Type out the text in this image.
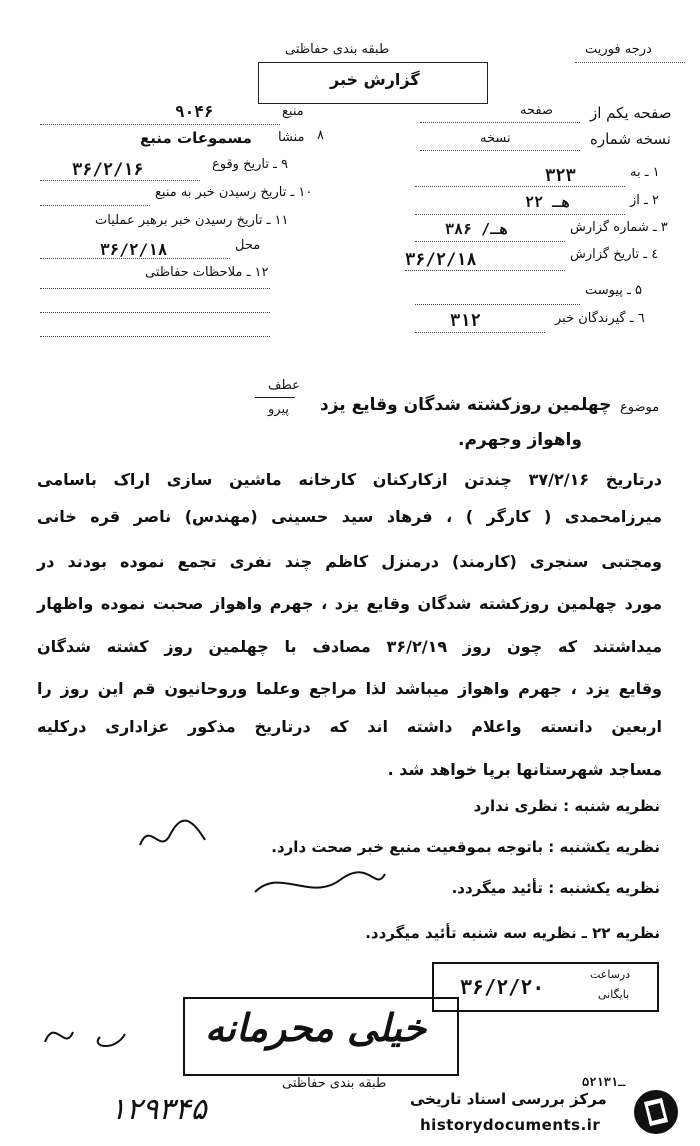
طبقه بندی حفاظتی	درجه فوریت
گزارش خبر
صفحه یکم از
صفحه
نسخه شماره
نسخه
منبع
۹۰۴۶
منشا ۸
مسموعات منبع
۹ ـ تاریخ وقوع
۳۶/۲/۱۶
۱۰ ـ تاریخ رسیدن خبر به منبع
۱۱ ـ تاریخ رسیدن خبر برهبر عملیات
محل
۳۶/۲/۱۸
۱۲ ـ ملاحظات حفاظتی
۱ ـ به
۳۲۳
۲ ـ از
۲۲ هـ
۳ ـ شماره گزارش
۳۸۶ /هـ
٤ ـ تاریخ گزارش
۳۶/۲/۱۸
۵ ـ پیوست
٦ ـ گیرندگان خبر
۳۱۲
عطف
پیرو	موضوع
چهلمین روزکشته شدگان وقایع یزد
واهواز وجهرم.
درتاریخ ۳۷/۲/۱۶ چندتن ازکارکنان کارخانه ماشین سازی اراک باسامی
میرزامحمدی ( کارگر ) ، فرهاد سید حسینی (مهندس) ناصر قره خانی
ومجتبی سنجری (کارمند) درمنزل کاظم چند نفری تجمع نموده بودند در
مورد چهلمین روزکشته شدگان وقایع یزد ، جهرم واهواز صحبت نموده واظهار
میداشتند که چون روز ۳۶/۲/۱۹ مصادف با چهلمین روز کشته شدگان
وقایع یزد ، جهرم واهواز میباشد لذا مراجع وعلما وروحانیون قم این روز را
اربعین دانسته واعلام داشته اند که درتاریخ مذکور عزاداری درکلیه
مساجد شهرستانها برپا خواهد شد .
نظریه شنبه : نظری ندارد
نظریه یکشنبه : باتوجه بموقعیت منبع خبر صحت دارد.
نظریه یکشنبه : تأئید میگردد.
نظریه ۲۲ ـ نظریه سه شنبه تأئید میگردد.
درساعت
بایگانی
۳۶/۲/۲۰
خیلی محرمانه
طبقه بندی حفاظتی	۵۲ـ۱۳۱
۱۲۹۳۴۵	مرکز بررسی اسناد تاریخی
historydocuments.ir
